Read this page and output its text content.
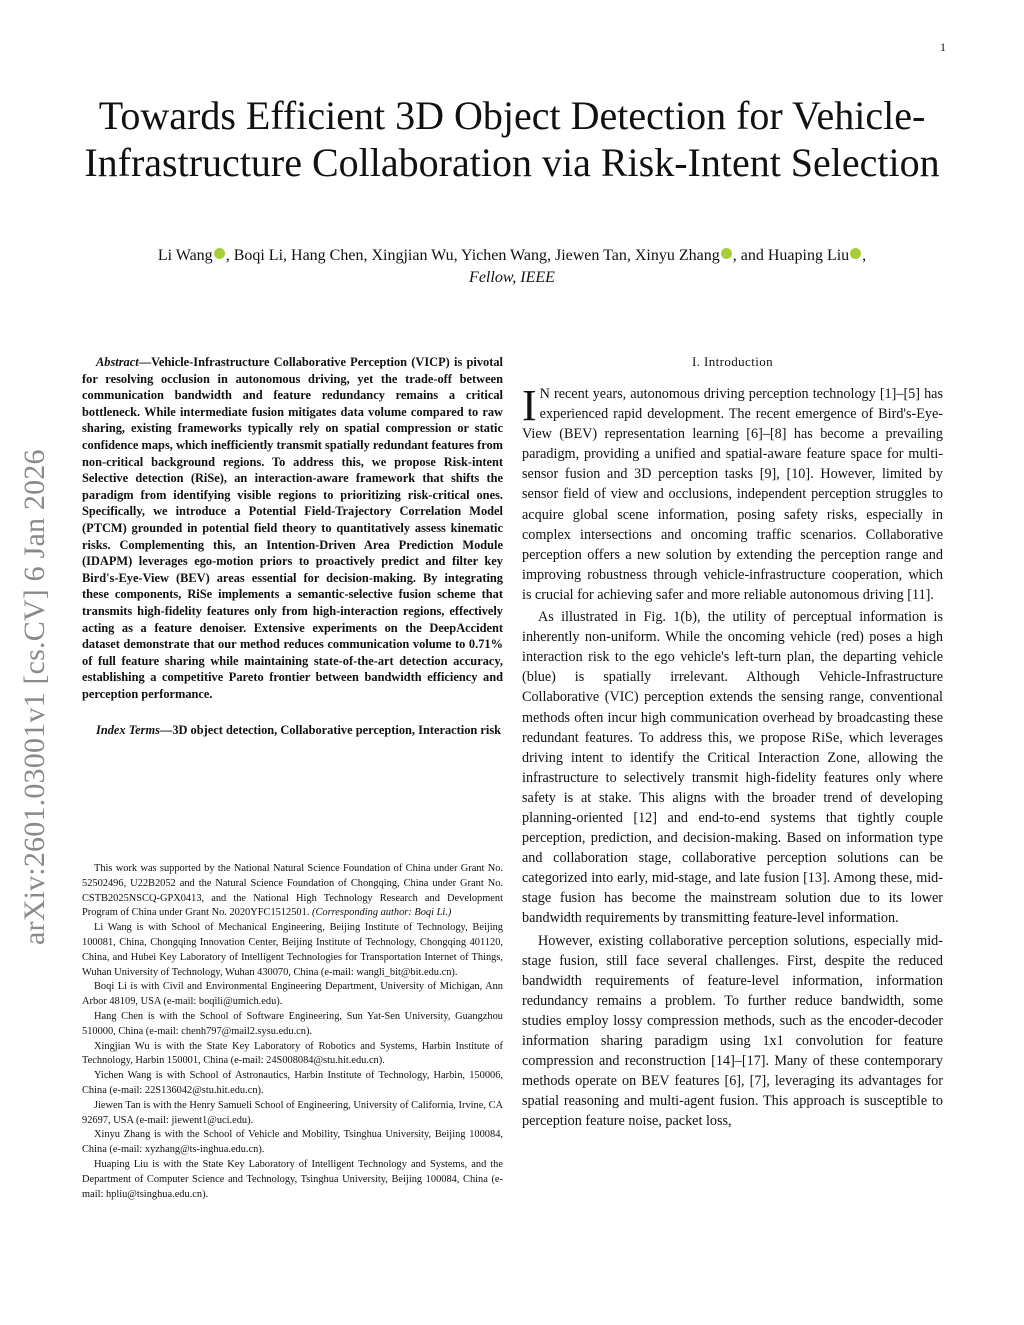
1
arXiv:2601.03001v1 [cs.CV] 6 Jan 2026
Towards Efficient 3D Object Detection for Vehicle-Infrastructure Collaboration via Risk-Intent Selection
Li Wang , Boqi Li, Hang Chen, Xingjian Wu, Yichen Wang, Jiewen Tan, Xinyu Zhang , and Huaping Liu ,
Fellow, IEEE

Abstract—Vehicle-Infrastructure Collaborative Perception (VICP) is pivotal for resolving occlusion in autonomous driving, yet the trade-off between communication bandwidth and feature redundancy remains a critical bottleneck. While intermediate fusion mitigates data volume compared to raw sharing, existing frameworks typically rely on spatial compression or static confidence maps, which inefficiently transmit spatially redundant features from non-critical background regions. To address this, we propose Risk-intent Selective detection (RiSe), an interaction-aware framework that shifts the paradigm from identifying visible regions to prioritizing risk-critical ones. Specifically, we introduce a Potential Field-Trajectory Correlation Model (PTCM) grounded in potential field theory to quantitatively assess kinematic risks. Complementing this, an Intention-Driven Area Prediction Module (IDAPM) leverages ego-motion priors to proactively predict and filter key Bird's-Eye-View (BEV) areas essential for decision-making. By integrating these components, RiSe implements a semantic-selective fusion scheme that transmits high-fidelity features only from high-interaction regions, effectively acting as a feature denoiser. Extensive experiments on the DeepAccident dataset demonstrate that our method reduces communication volume to 0.71% of full feature sharing while maintaining state-of-the-art detection accuracy, establishing a competitive Pareto frontier between bandwidth efficiency and perception performance.

Index Terms—3D object detection, Collaborative perception, Interaction risk

This work was supported by the National Natural Science Foundation of China under Grant No. 52502496, U22B2052 and the Natural Science Foundation of Chongqing, China under Grant No. CSTB2025NSCQ-GPX0413, and the National High Technology Research and Development Program of China under Grant No. 2020YFC1512501. (Corresponding author: Boqi Li.)

Li Wang is with School of Mechanical Engineering, Beijing Institute of Technology, Beijing 100081, China, Chongqing Innovation Center, Beijing Institute of Technology, Chongqing 401120, China, and Hubei Key Laboratory of Intelligent Technologies for Transportation Internet of Things, Wuhan University of Technology, Wuhan 430070, China (e-mail: wangli_bit@bit.edu.cn).

Boqi Li is with Civil and Environmental Engineering Department, University of Michigan, Ann Arbor 48109, USA (e-mail: boqili@umich.edu).

Hang Chen is with the School of Software Engineering, Sun Yat-Sen University, Guangzhou 510000, China (e-mail: chenh797@mail2.sysu.edu.cn).

Xingjian Wu is with the State Key Laboratory of Robotics and Systems, Harbin Institute of Technology, Harbin 150001, China (e-mail: 24S008084@stu.hit.edu.cn).

Yichen Wang is with School of Astronautics, Harbin Institute of Technology, Harbin, 150006, China (e-mail: 22S136042@stu.hit.edu.cn).

Jiewen Tan is with the Henry Samueli School of Engineering, University of California, Irvine, CA 92697, USA (e-mail: jiewent1@uci.edu).

Xinyu Zhang is with the School of Vehicle and Mobility, Tsinghua University, Beijing 100084, China (e-mail: xyzhang@ts-inghua.edu.cn).

Huaping Liu is with the State Key Laboratory of Intelligent Technology and Systems, and the Department of Computer Science and Technology, Tsinghua University, Beijing 100084, China (e-mail: hpliu@tsinghua.edu.cn).

I. Introduction

I N recent years, autonomous driving perception technology [1]–[5] has experienced rapid development. The recent emergence of Bird's-Eye-View (BEV) representation learning [6]–[8] has become a prevailing paradigm, providing a unified and spatial-aware feature space for multi-sensor fusion and 3D perception tasks [9], [10]. However, limited by sensor field of view and occlusions, independent perception struggles to acquire global scene information, posing safety risks, especially in complex intersections and oncoming traffic scenarios. Collaborative perception offers a new solution by extending the perception range and improving robustness through vehicle-infrastructure cooperation, which is crucial for achieving safer and more reliable autonomous driving [11].

As illustrated in Fig. 1(b), the utility of perceptual information is inherently non-uniform. While the oncoming vehicle (red) poses a high interaction risk to the ego vehicle's left-turn plan, the departing vehicle (blue) is spatially irrelevant. Although Vehicle-Infrastructure Collaborative (VIC) perception extends the sensing range, conventional methods often incur high communication overhead by broadcasting these redundant features. To address this, we propose RiSe, which leverages driving intent to identify the Critical Interaction Zone, allowing the infrastructure to selectively transmit high-fidelity features only where safety is at stake. This aligns with the broader trend of developing planning-oriented [12] and end-to-end systems that tightly couple perception, prediction, and decision-making. Based on information type and collaboration stage, collaborative perception solutions can be categorized into early, mid-stage, and late fusion [13]. Among these, mid-stage fusion has become the mainstream solution due to its lower bandwidth requirements by transmitting feature-level information.

However, existing collaborative perception solutions, especially mid-stage fusion, still face several challenges. First, despite the reduced bandwidth requirements of feature-level information, information redundancy remains a problem. To further reduce bandwidth, some studies employ lossy compression methods, such as the encoder-decoder information sharing paradigm using 1x1 convolution for feature compression and reconstruction [14]–[17]. Many of these contemporary methods operate on BEV features [6], [7], leveraging its advantages for spatial reasoning and multi-agent fusion. This approach is susceptible to perception feature noise, packet loss,
